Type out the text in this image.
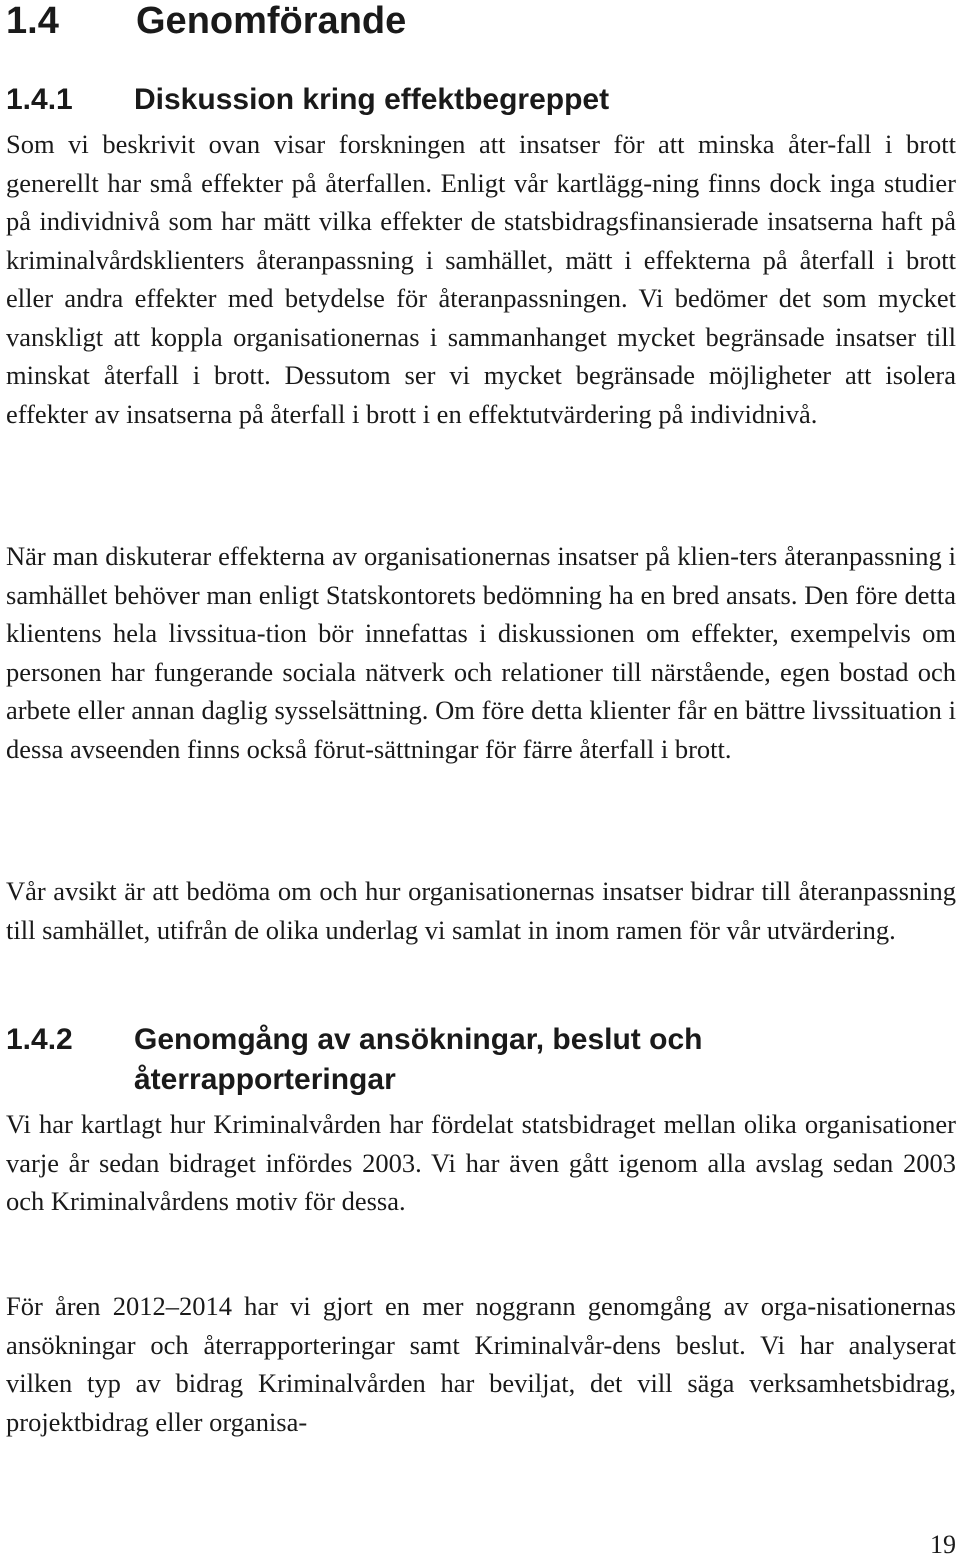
1.4 Genomförande
1.4.1 Diskussion kring effektbegreppet

Som vi beskrivit ovan visar forskningen att insatser för att minska åter-fall i brott generellt har små effekter på återfallen. Enligt vår kartlägg-ning finns dock inga studier på individnivå som har mätt vilka effekter de statsbidragsfinansierade insatserna haft på kriminalvårdsklienters återanpassning i samhället, mätt i effekterna på återfall i brott eller andra effekter med betydelse för återanpassningen. Vi bedömer det som mycket vanskligt att koppla organisationernas i sammanhanget mycket begränsade insatser till minskat återfall i brott. Dessutom ser vi mycket begränsade möjligheter att isolera effekter av insatserna på återfall i brott i en effektutvärdering på individnivå.

När man diskuterar effekterna av organisationernas insatser på klien-ters återanpassning i samhället behöver man enligt Statskontorets bedömning ha en bred ansats. Den före detta klientens hela livssitua-tion bör innefattas i diskussionen om effekter, exempelvis om personen har fungerande sociala nätverk och relationer till närstående, egen bostad och arbete eller annan daglig sysselsättning. Om före detta klienter får en bättre livssituation i dessa avseenden finns också förut-sättningar för färre återfall i brott.

Vår avsikt är att bedöma om och hur organisationernas insatser bidrar till återanpassning till samhället, utifrån de olika underlag vi samlat in inom ramen för vår utvärdering.

1.4.2 Genomgång av ansökningar, beslut och återrapporteringar

Vi har kartlagt hur Kriminalvården har fördelat statsbidraget mellan olika organisationer varje år sedan bidraget infördes 2003. Vi har även gått igenom alla avslag sedan 2003 och Kriminalvårdens motiv för dessa.

För åren 2012–2014 har vi gjort en mer noggrann genomgång av orga-nisationernas ansökningar och återrapporteringar samt Kriminalvår-dens beslut. Vi har analyserat vilken typ av bidrag Kriminalvården har beviljat, det vill säga verksamhetsbidrag, projektbidrag eller organisa-

19
